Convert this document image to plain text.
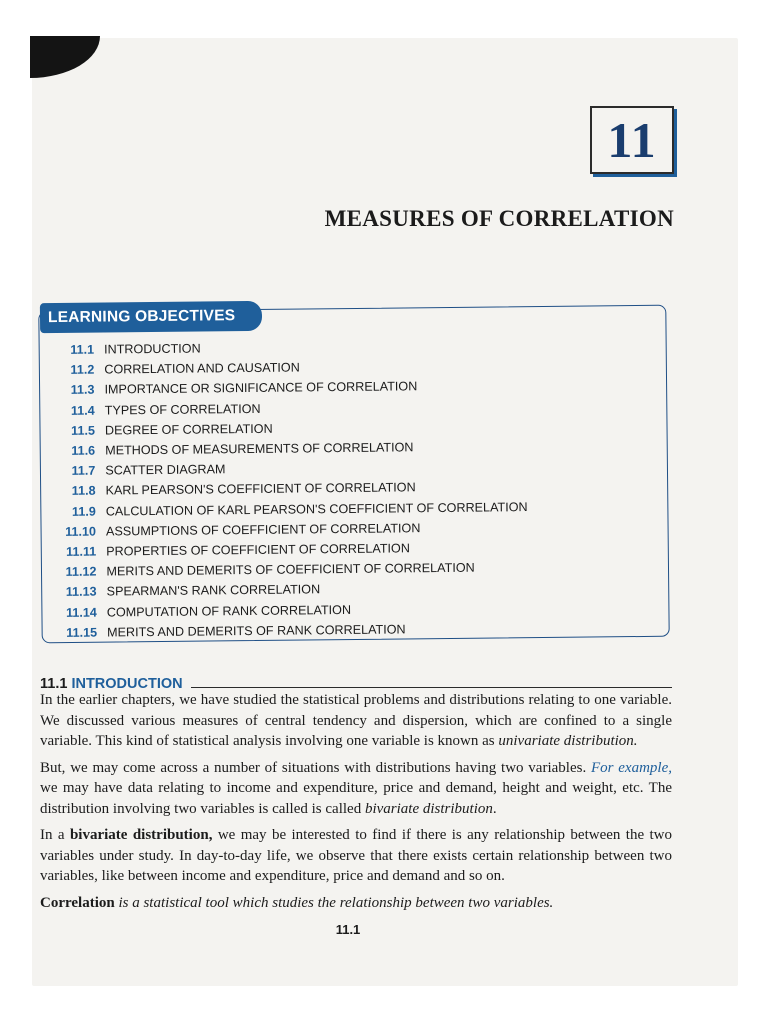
11
MEASURES OF CORRELATION
LEARNING OBJECTIVES
11.1 INTRODUCTION
11.2 CORRELATION AND CAUSATION
11.3 IMPORTANCE OR SIGNIFICANCE OF CORRELATION
11.4 TYPES OF CORRELATION
11.5 DEGREE OF CORRELATION
11.6 METHODS OF MEASUREMENTS OF CORRELATION
11.7 SCATTER DIAGRAM
11.8 KARL PEARSON'S COEFFICIENT OF CORRELATION
11.9 CALCULATION OF KARL PEARSON'S COEFFICIENT OF CORRELATION
11.10 ASSUMPTIONS OF COEFFICIENT OF CORRELATION
11.11 PROPERTIES OF COEFFICIENT OF CORRELATION
11.12 MERITS AND DEMERITS OF COEFFICIENT OF CORRELATION
11.13 SPEARMAN'S RANK CORRELATION
11.14 COMPUTATION OF RANK CORRELATION
11.15 MERITS AND DEMERITS OF RANK CORRELATION
11.1 INTRODUCTION

In the earlier chapters, we have studied the statistical problems and distributions relating to one variable. We discussed various measures of central tendency and dispersion, which are confined to a single variable. This kind of statistical analysis involving one variable is known as univariate distribution.

But, we may come across a number of situations with distributions having two variables. For example, we may have data relating to income and expenditure, price and demand, height and weight, etc. The distribution involving two variables is called is called bivariate distribution.

In a bivariate distribution, we may be interested to find if there is any relationship between the two variables under study. In day-to-day life, we observe that there exists certain relationship between two variables, like between income and expenditure, price and demand and so on.

Correlation is a statistical tool which studies the relationship between two variables.

11.1
